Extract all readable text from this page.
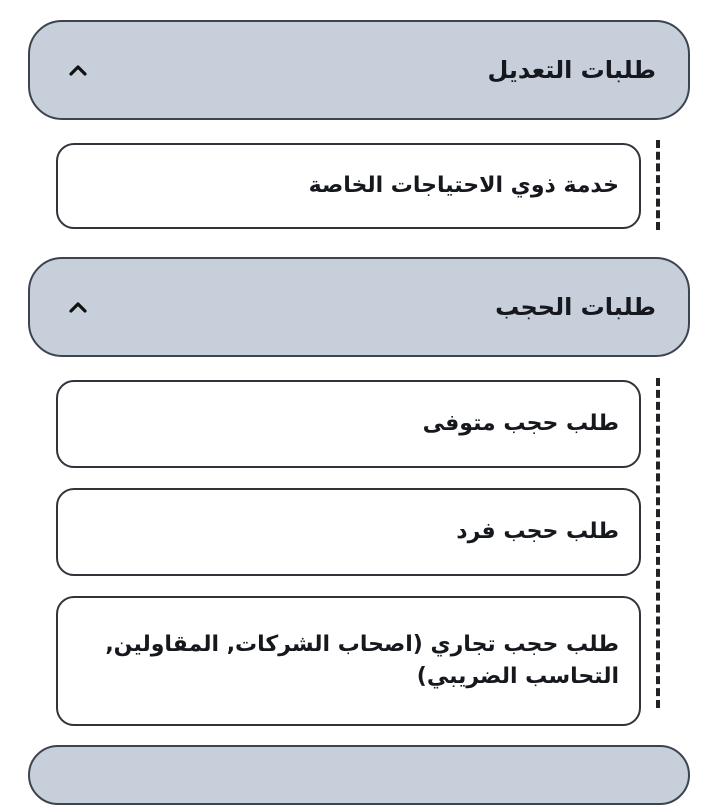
طلبات التعديل
خدمة ذوي الاحتياجات الخاصة
طلبات الحجب
طلب حجب متوفى
طلب حجب فرد
طلب حجب تجاري (اصحاب الشركات, المقاولين, التحاسب الضريبي)
